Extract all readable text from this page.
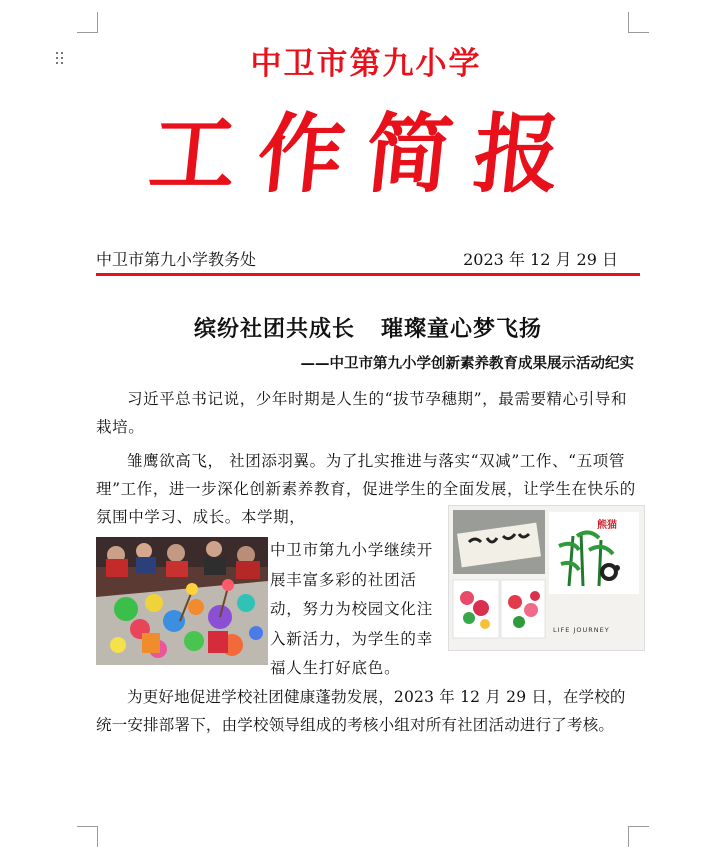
中卫市第九小学
工作简报
中卫市第九小学教务处	2023 年 12 月 29 日
缤纷社团共成长 璀璨童心梦飞扬
——中卫市第九小学创新素养教育成果展示活动纪实
习近平总书记说，少年时期是人生的“拔节孕穗期”，最需要精心引导和栽培。
雏鹰欲高飞， 社团添羽翼。为了扎实推进与落实“双减”工作、“五项管理”工作，进一步深化创新素养教育，促进学生的全面发展，让学生在快乐的氛围中学习、成长。本学期，
中卫市第九小学继续开展丰富多彩的社团活动，努力为校园文化注入新活力，为学生的幸福人生打好底色。
为更好地促进学校社团健康蓬勃发展，2023 年 12 月 29 日，在学校的统一安排部署下，由学校领导组成的考核小组对所有社团活动进行了考核。
熊猫
LIFE JOURNEY
